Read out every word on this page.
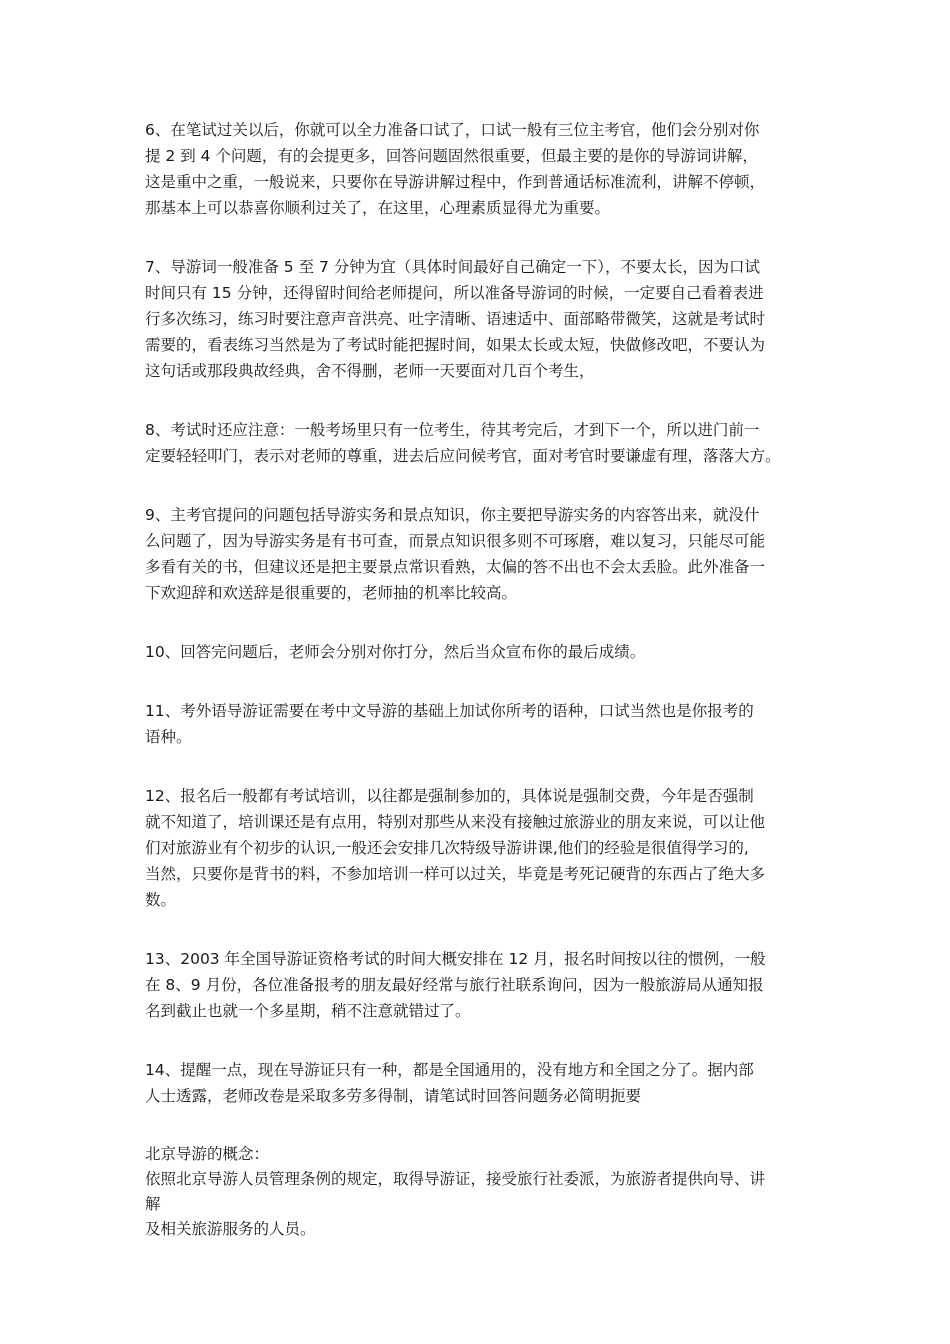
6、在笔试过关以后，你就可以全力准备口试了，口试一般有三位主考官，他们会分别对你
提 2 到 4 个问题，有的会提更多，回答问题固然很重要，但最主要的是你的导游词讲解，
这是重中之重，一般说来，只要你在导游讲解过程中，作到普通话标准流利，讲解不停顿，
那基本上可以恭喜你顺利过关了，在这里，心理素质显得尤为重要。
7、导游词一般准备 5 至 7 分钟为宜（具体时间最好自己确定一下），不要太长，因为口试
时间只有 15 分钟，还得留时间给老师提问，所以准备导游词的时候，一定要自己看着表进
行多次练习，练习时要注意声音洪亮、吐字清晰、语速适中、面部略带微笑，这就是考试时
需要的，看表练习当然是为了考试时能把握时间，如果太长或太短，快做修改吧，不要认为
这句话或那段典故经典，舍不得删，老师一天要面对几百个考生，
8、考试时还应注意：一般考场里只有一位考生，待其考完后，才到下一个，所以进门前一
定要轻轻叩门，表示对老师的尊重，进去后应问候考官，面对考官时要谦虚有理，落落大方。
9、主考官提问的问题包括导游实务和景点知识，你主要把导游实务的内容答出来，就没什
么问题了，因为导游实务是有书可查，而景点知识很多则不可琢磨，难以复习，只能尽可能
多看有关的书，但建议还是把主要景点常识看熟，太偏的答不出也不会太丢脸。此外准备一
下欢迎辞和欢送辞是很重要的，老师抽的机率比较高。
10、回答完问题后，老师会分别对你打分，然后当众宣布你的最后成绩。
11、考外语导游证需要在考中文导游的基础上加试你所考的语种，口试当然也是你报考的
语种。
12、报名后一般都有考试培训，以往都是强制参加的，具体说是强制交费，今年是否强制
就不知道了，培训课还是有点用，特别对那些从来没有接触过旅游业的朋友来说，可以让他
们对旅游业有个初步的认识,一般还会安排几次特级导游讲课,他们的经验是很值得学习的,
当然，只要你是背书的料，不参加培训一样可以过关，毕竟是考死记硬背的东西占了绝大多
数。
13、2003 年全国导游证资格考试的时间大概安排在 12 月，报名时间按以往的惯例，一般
在 8、9 月份，各位准备报考的朋友最好经常与旅行社联系询问，因为一般旅游局从通知报
名到截止也就一个多星期，稍不注意就错过了。
14、提醒一点，现在导游证只有一种，都是全国通用的，没有地方和全国之分了。据内部
人士透露，老师改卷是采取多劳多得制，请笔试时回答问题务必简明扼要
北京导游的概念：
依照北京导游人员管理条例的规定，取得导游证，接受旅行社委派，为旅游者提供向导、讲
解
及相关旅游服务的人员。
